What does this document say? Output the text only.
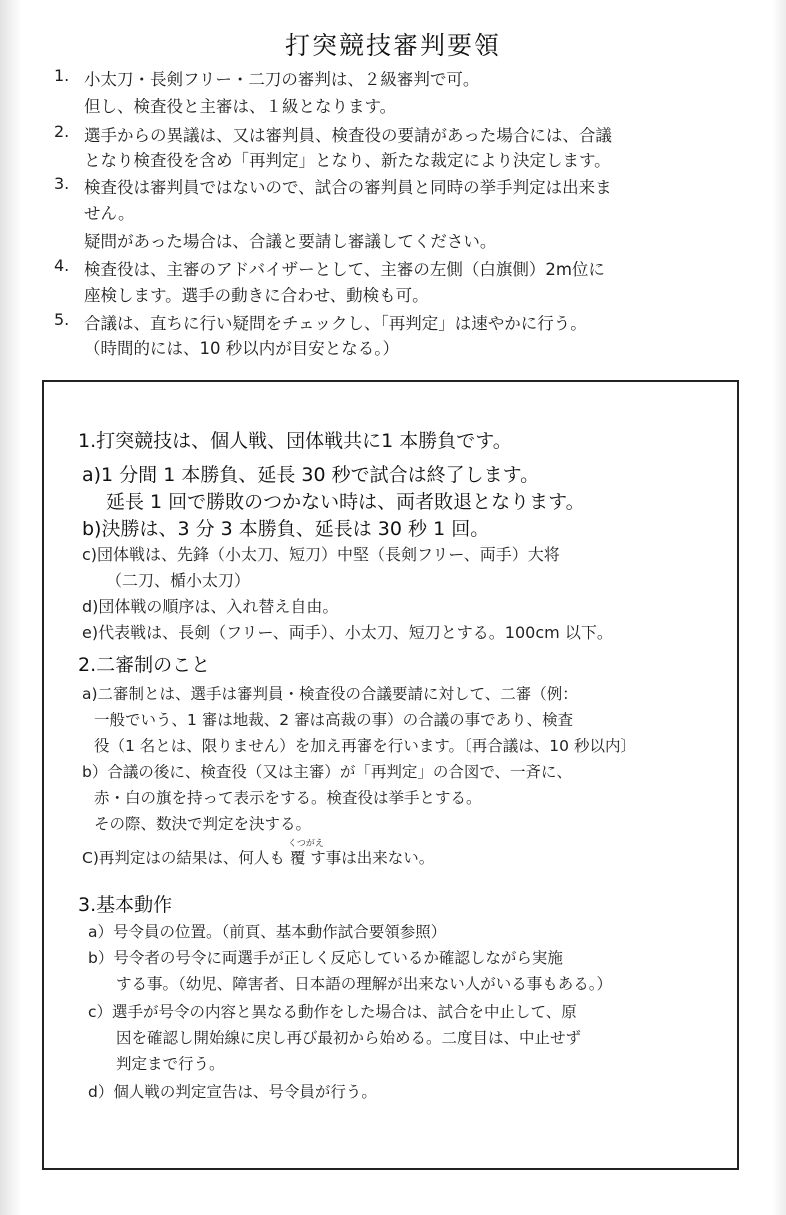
打突競技審判要領
1. 小太刀・長剣フリー・二刀の審判は、２級審判で可。
但し、検査役と主審は、１級となります。
2. 選手からの異議は、又は審判員、検査役の要請があった場合には、合議
となり検査役を含め「再判定」となり、新たな裁定により決定します。
3. 検査役は審判員ではないので、試合の審判員と同時の挙手判定は出来ま
せん。
疑問があった場合は、合議と要請し審議してください。
4. 検査役は、主審のアドバイザーとして、主審の左側（白旗側）2m位に
座検します。選手の動きに合わせ、動検も可。
5. 合議は、直ちに行い疑問をチェックし、「再判定」は速やかに行う。
（時間的には、10 秒以内が目安となる。）
1.打突競技は、個人戦、団体戦共に1 本勝負です。
a)1 分間 1 本勝負、延長 30 秒で試合は終了します。
延長 1 回で勝敗のつかない時は、両者敗退となります。
b)決勝は、3 分 3 本勝負、延長は 30 秒 1 回。
c)団体戦は、先鋒（小太刀、短刀）中堅（長剣フリー、両手）大将
（二刀、楯小太刀）
d)団体戦の順序は、入れ替え自由。
e)代表戦は、長剣（フリー、両手）、小太刀、短刀とする。100cm 以下。
2.二審制のこと
a)二審制とは、選手は審判員・検査役の合議要請に対して、二審（例：
一般でいう、1 審は地裁、2 審は高裁の事）の合議の事であり、検査
役（1 名とは、限りません）を加え再審を行います。〔再合議は、10 秒以内〕
b）合議の後に、検査役（又は主審）が「再判定」の合図で、一斉に、
赤・白の旗を持って表示をする。検査役は挙手とする。
その際、数決で判定を決する。
C)再判定はの結果は、何人も
くつがえ
覆 す事は出来ない。
3.基本動作
a）号令員の位置。（前頁、基本動作試合要領参照）
b）号令者の号令に両選手が正しく反応しているか確認しながら実施
する事。（幼児、障害者、日本語の理解が出来ない人がいる事もある。）
c）選手が号令の内容と異なる動作をした場合は、試合を中止して、原
因を確認し開始線に戻し再び最初から始める。二度目は、中止せず
判定まで行う。
d）個人戦の判定宣告は、号令員が行う。
